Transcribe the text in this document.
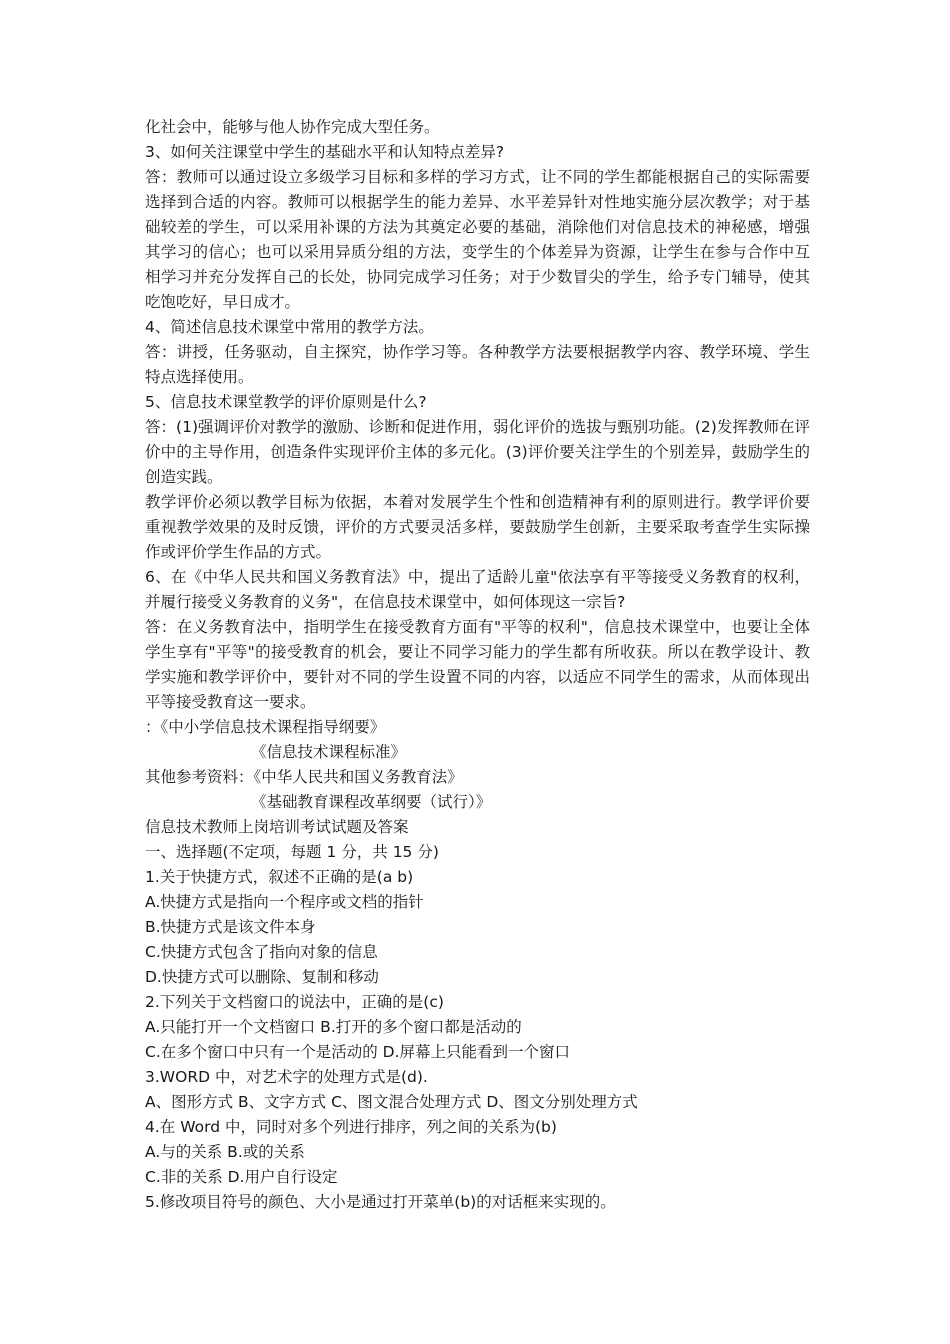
化社会中，能够与他人协作完成大型任务。

3、如何关注课堂中学生的基础水平和认知特点差异?

答：教师可以通过设立多级学习目标和多样的学习方式，让不同的学生都能根据自己的实际需要选择到合适的内容。教师可以根据学生的能力差异、水平差异针对性地实施分层次教学；对于基础较差的学生，可以采用补课的方法为其奠定必要的基础，消除他们对信息技术的神秘感，增强其学习的信心；也可以采用异质分组的方法，变学生的个体差异为资源，让学生在参与合作中互相学习并充分发挥自己的长处，协同完成学习任务；对于少数冒尖的学生，给予专门辅导，使其吃饱吃好，早日成才。

4、简述信息技术课堂中常用的教学方法。

答：讲授，任务驱动，自主探究，协作学习等。各种教学方法要根据教学内容、教学环境、学生特点选择使用。

5、信息技术课堂教学的评价原则是什么?

答：(1)强调评价对教学的激励、诊断和促进作用，弱化评价的选拔与甄别功能。(2)发挥教师在评价中的主导作用，创造条件实现评价主体的多元化。(3)评价要关注学生的个别差异，鼓励学生的创造实践。

教学评价必须以教学目标为依据，本着对发展学生个性和创造精神有利的原则进行。教学评价要重视教学效果的及时反馈，评价的方式要灵活多样，要鼓励学生创新，主要采取考查学生实际操作或评价学生作品的方式。

6、在《中华人民共和国义务教育法》中，提出了适龄儿童"依法享有平等接受义务教育的权利，并履行接受义务教育的义务"，在信息技术课堂中，如何体现这一宗旨?

答：在义务教育法中，指明学生在接受教育方面有"平等的权利"，信息技术课堂中，也要让全体学生享有"平等"的接受教育的机会，要让不同学习能力的学生都有所收获。所以在教学设计、教学实施和教学评价中，要针对不同的学生设置不同的内容，以适应不同学生的需求，从而体现出平等接受教育这一要求。

：《中小学信息技术课程指导纲要》

《信息技术课程标准》

其他参考资料：《中华人民共和国义务教育法》

《基础教育课程改革纲要（试行）》

信息技术教师上岗培训考试试题及答案

一、选择题(不定项，每题 1 分，共 15 分)

1.关于快捷方式，叙述不正确的是(a b)

A.快捷方式是指向一个程序或文档的指针

B.快捷方式是该文件本身

C.快捷方式包含了指向对象的信息

D.快捷方式可以删除、复制和移动

2.下列关于文档窗口的说法中，正确的是(c)

A.只能打开一个文档窗口 B.打开的多个窗口都是活动的

C.在多个窗口中只有一个是活动的 D.屏幕上只能看到一个窗口

3.WORD 中，对艺术字的处理方式是(d).

A、图形方式 B、文字方式 C、图文混合处理方式 D、图文分别处理方式

4.在 Word 中，同时对多个列进行排序，列之间的关系为(b)

A.与的关系 B.或的关系

C.非的关系 D.用户自行设定

5.修改项目符号的颜色、大小是通过打开菜单(b)的对话框来实现的。
